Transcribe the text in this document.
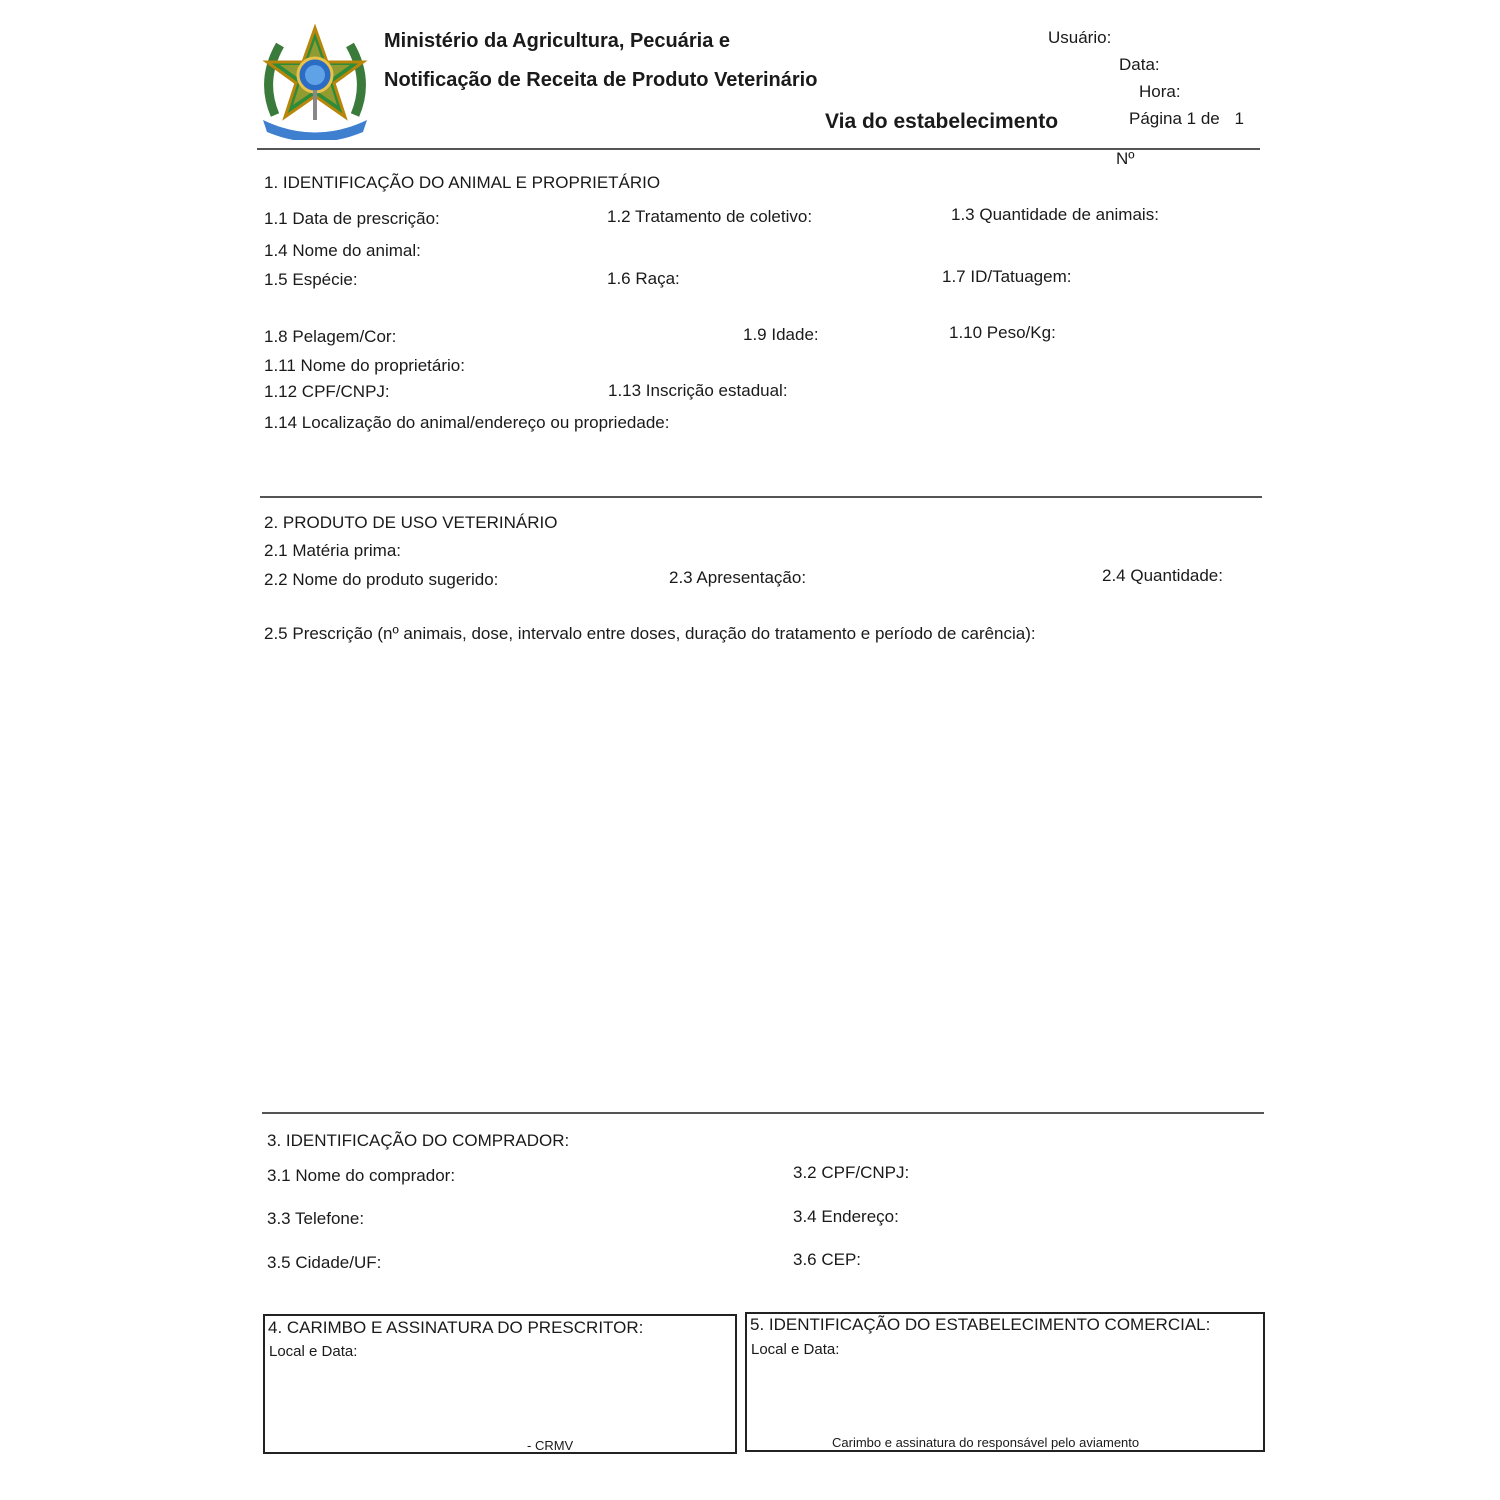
Ministério da Agricultura, Pecuária e
Notificação de Receita de Produto Veterinário
Via do estabelecimento
Usuário:
Data:
Hora:
Página 1 de 1
Nº
1. IDENTIFICAÇÃO DO ANIMAL E PROPRIETÁRIO
1.1 Data de prescrição:	1.2 Tratamento de coletivo:	1.3 Quantidade de animais:
1.4 Nome do animal:
1.5 Espécie:	1.6 Raça:	1.7 ID/Tatuagem:
1.8 Pelagem/Cor:	1.9 Idade:	1.10 Peso/Kg:
1.11 Nome do proprietário:
1.12 CPF/CNPJ:	1.13 Inscrição estadual:
1.14 Localização do animal/endereço ou propriedade:
2. PRODUTO DE USO VETERINÁRIO
2.1 Matéria prima:
2.2 Nome do produto sugerido:	2.3 Apresentação:	2.4 Quantidade:
2.5 Prescrição (nº animais, dose, intervalo entre doses, duração do tratamento e período de carência):
3. IDENTIFICAÇÃO DO COMPRADOR:
3.1 Nome do comprador:	3.2 CPF/CNPJ:
3.3 Telefone:	3.4 Endereço:
3.5 Cidade/UF:	3.6 CEP:
4. CARIMBO E ASSINATURA DO PRESCRITOR:
Local e Data:
- CRMV
5. IDENTIFICAÇÃO DO ESTABELECIMENTO COMERCIAL:
Local e Data:
Carimbo e assinatura do responsável pelo aviamento
